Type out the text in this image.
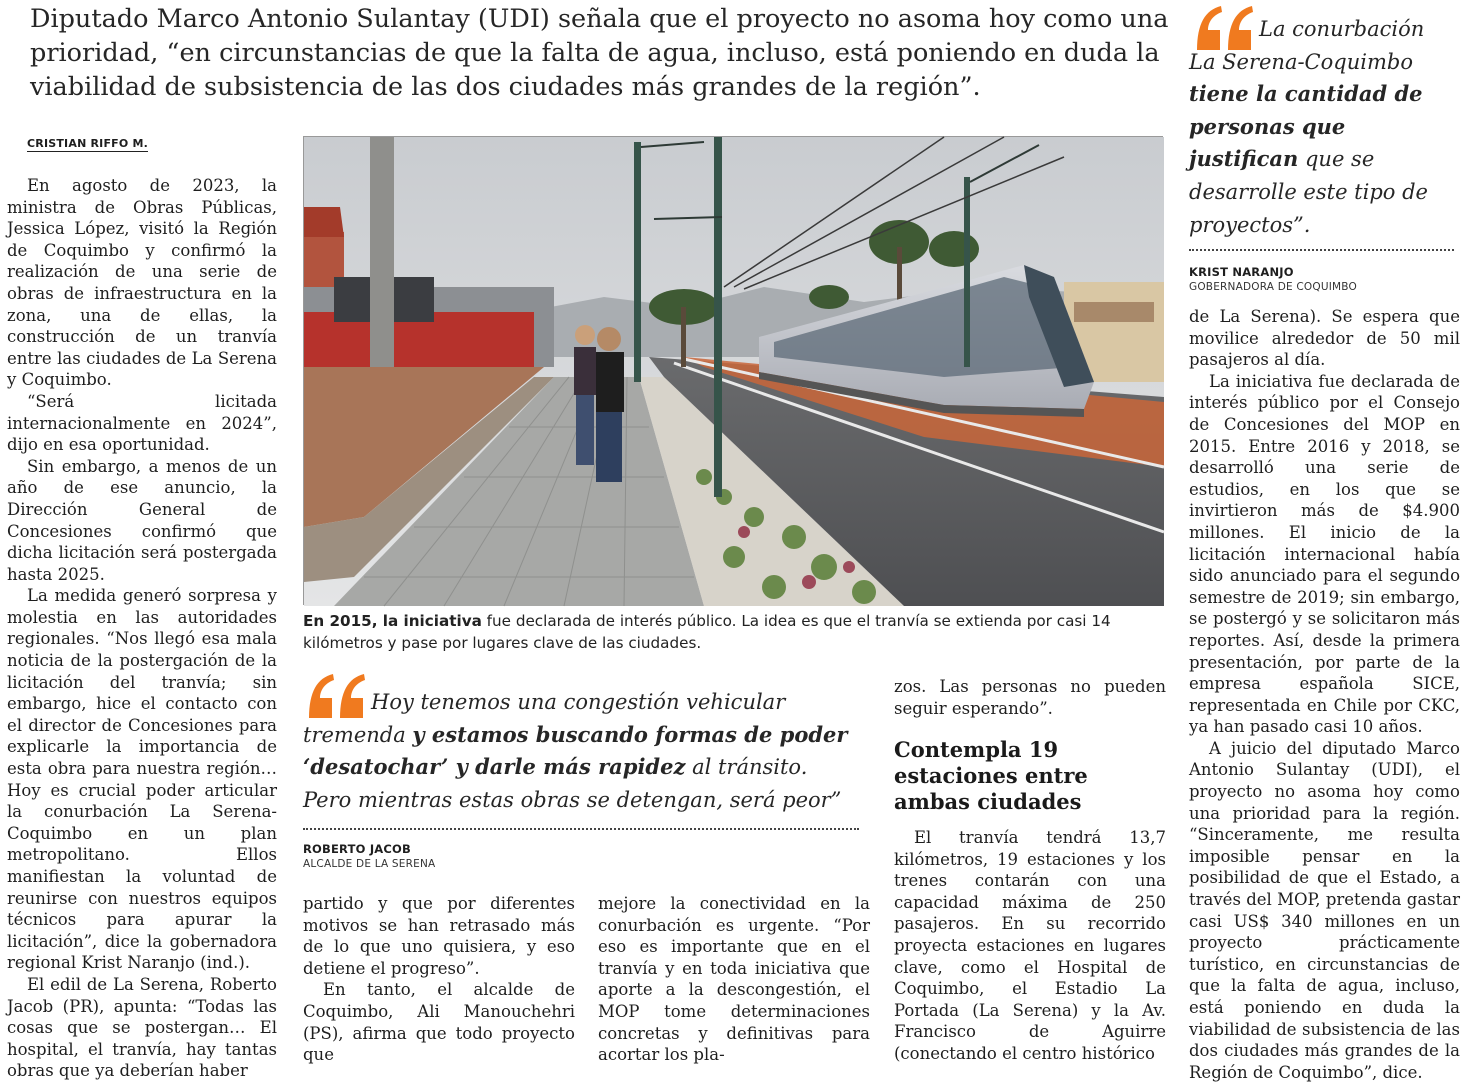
Diputado Marco Antonio Sulantay (UDI) señala que el proyecto no asoma hoy como una prioridad, “en circunstancias de que la falta de agua, incluso, está poniendo en duda la viabilidad de subsistencia de las dos ciudades más grandes de la región”.

La conurbación La Serena-Coquimbo tiene la cantidad de personas que justifican que se desarrolle este tipo de proyectos”.

KRIST NARANJO
GOBERNADORA DE COQUIMBO
CRISTIAN RIFFO M.

En agosto de 2023, la ministra de Obras Públicas, Jessica López, visitó la Región de Coquimbo y confirmó la realización de una serie de obras de infraestructura en la zona, una de ellas, la construcción de un tranvía entre las ciudades de La Serena y Coquimbo.

“Será licitada internacionalmente en 2024”, dijo en esa oportunidad.

Sin embargo, a menos de un año de ese anuncio, la Dirección General de Concesiones confirmó que dicha licitación será postergada hasta 2025.

La medida generó sorpresa y molestia en las autoridades regionales. “Nos llegó esa mala noticia de la postergación de la licitación del tranvía; sin embargo, hice el contacto con el director de Concesiones para explicarle la importancia de esta obra para nuestra región… Hoy es crucial poder articular la conurbación La Serena-Coquimbo en un plan metropolitano. Ellos manifiestan la voluntad de reunirse con nuestros equipos técnicos para apurar la licitación”, dice la gobernadora regional Krist Naranjo (ind.).

El edil de La Serena, Roberto Jacob (PR), apunta: “Todas las cosas que se postergan… El hospital, el tranvía, hay tantas obras que ya deberían haber

En 2015, la iniciativa fue declarada de interés público. La idea es que el tranvía se extienda por casi 14 kilómetros y pase por lugares clave de las ciudades.

Hoy tenemos una congestión vehicular tremenda y estamos buscando formas de poder ‘desatochar’ y darle más rapidez al tránsito. Pero mientras estas obras se detengan, será peor”

ROBERTO JACOB
ALCALDE DE LA SERENA

partido y que por diferentes motivos se han retrasado más de lo que uno quisiera, y eso detiene el progreso”.

En tanto, el alcalde de Coquimbo, Ali Manouchehri (PS), afirma que todo proyecto que

mejore la conectividad en la conurbación es urgente. “Por eso es importante que en el tranvía y en toda iniciativa que aporte a la descongestión, el MOP tome determinaciones concretas y definitivas para acortar los pla-

zos. Las personas no pueden seguir esperando”.

Contempla 19 estaciones entre ambas ciudades

El tranvía tendrá 13,7 kilómetros, 19 estaciones y los trenes contarán con una capacidad máxima de 250 pasajeros. En su recorrido proyecta estaciones en lugares clave, como el Hospital de Coquimbo, el Estadio La Portada (La Serena) y la Av. Francisco de Aguirre (conectando el centro histórico

de La Serena). Se espera que movilice alrededor de 50 mil pasajeros al día.

La iniciativa fue declarada de interés público por el Consejo de Concesiones del MOP en 2015. Entre 2016 y 2018, se desarrolló una serie de estudios, en los que se invirtieron más de $4.900 millones. El inicio de la licitación internacional había sido anunciado para el segundo semestre de 2019; sin embargo, se postergó y se solicitaron más reportes. Así, desde la primera presentación, por parte de la empresa española SICE, representada en Chile por CKC, ya han pasado casi 10 años.

A juicio del diputado Marco Antonio Sulantay (UDI), el proyecto no asoma hoy como una prioridad para la región. “Sinceramente, me resulta imposible pensar en la posibilidad de que el Estado, a través del MOP, pretenda gastar casi US$ 340 millones en un proyecto prácticamente turístico, en circunstancias de que la falta de agua, incluso, está poniendo en duda la viabilidad de subsistencia de las dos ciudades más grandes de la Región de Coquimbo”, dice.
